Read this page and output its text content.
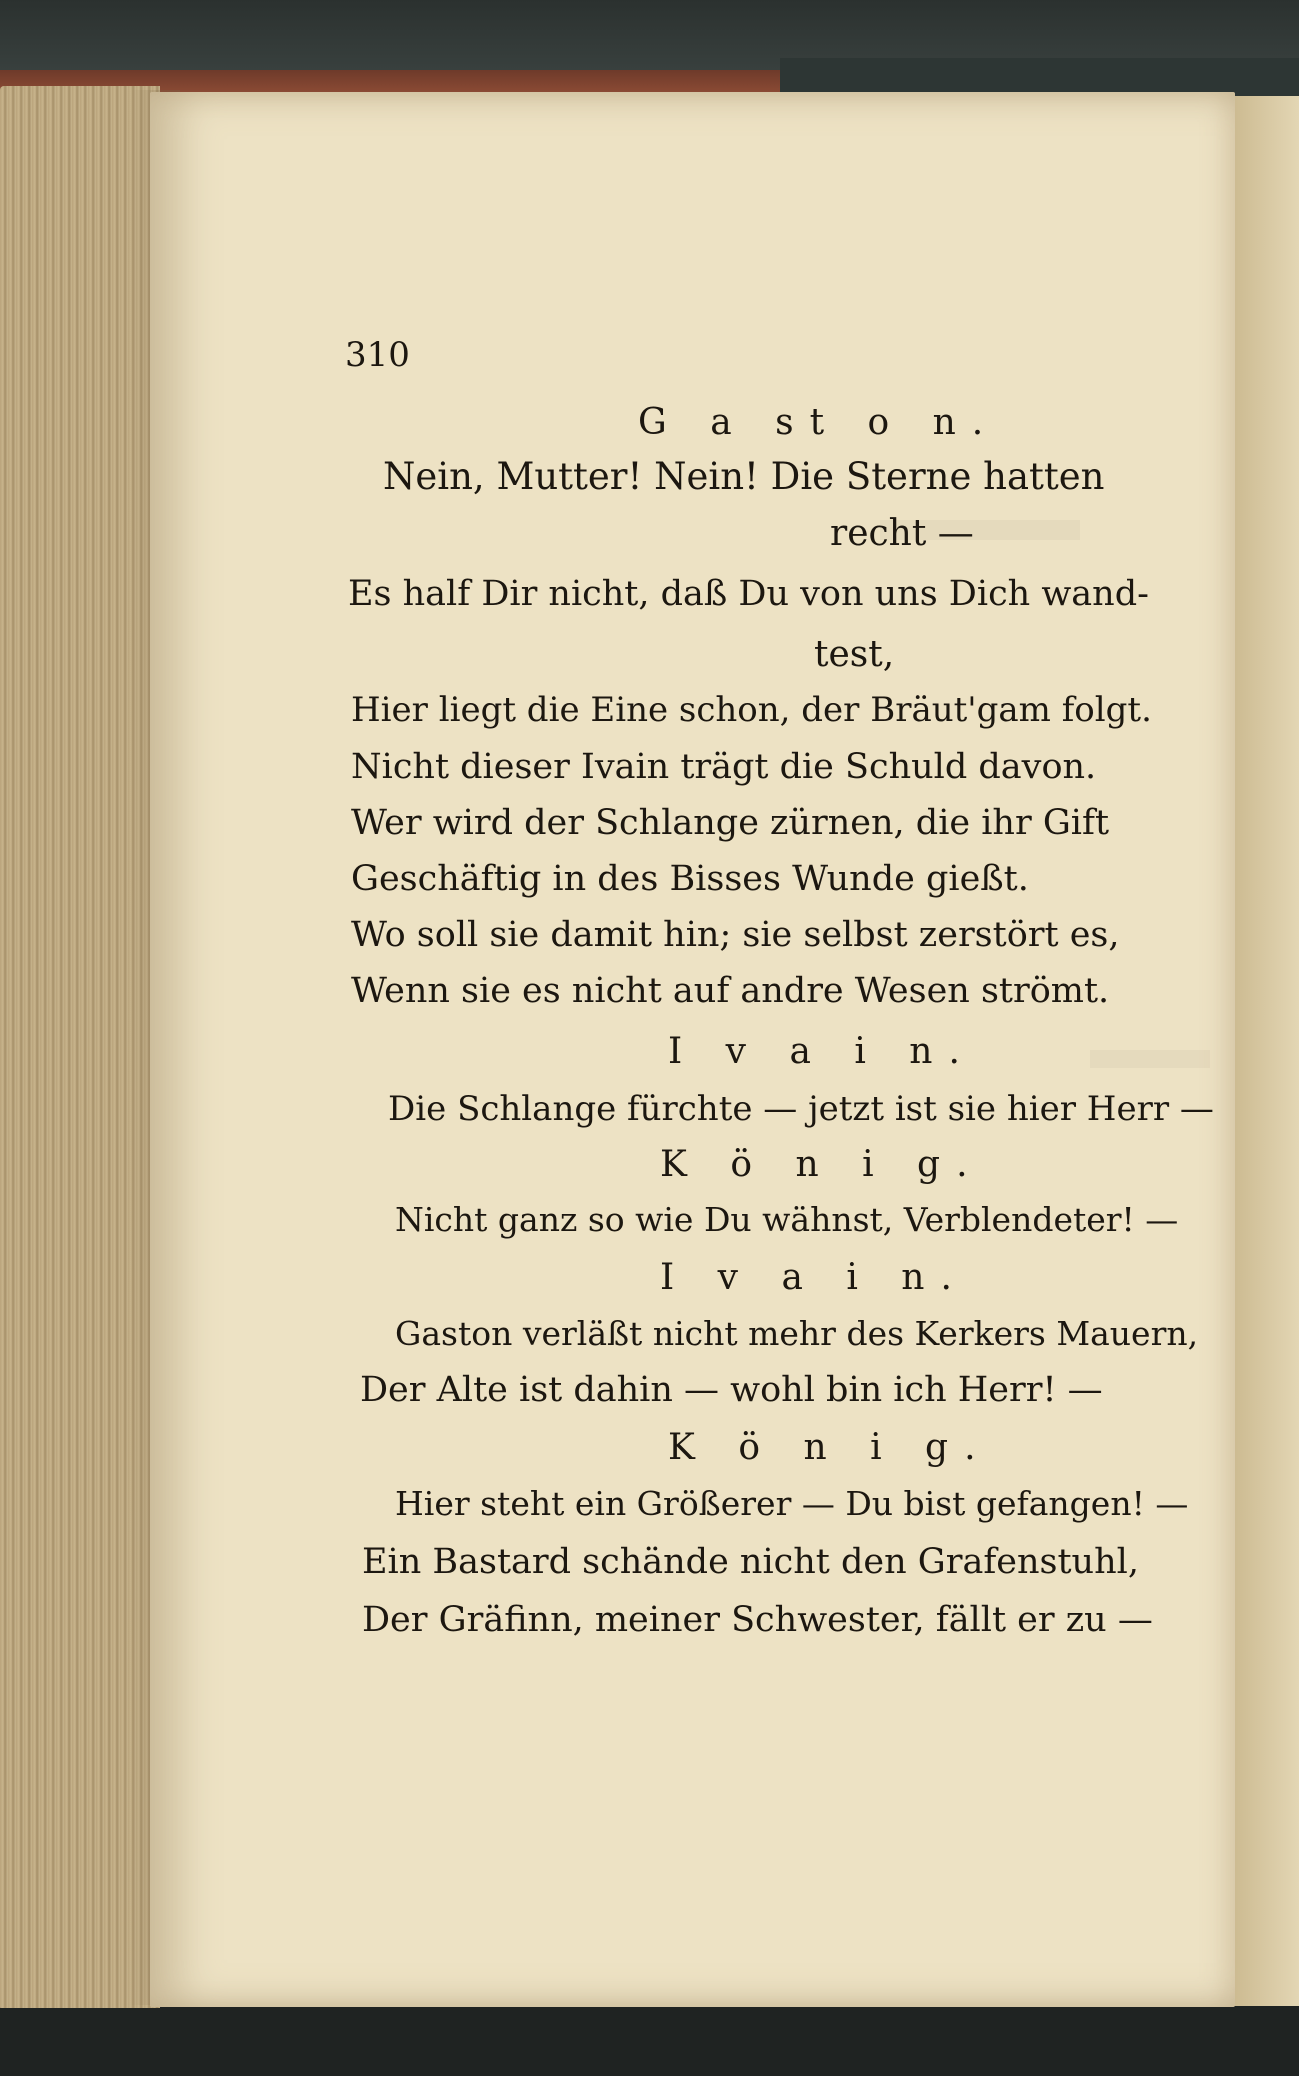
310
G a st o n.
Nein, Mutter! Nein! Die Sterne hatten
recht —
Es half Dir nicht, daß Du von uns Dich wand-
test,
Hier liegt die Eine schon, der Bräut'gam folgt.
Nicht dieser Ivain trägt die Schuld davon.
Wer wird der Schlange zürnen, die ihr Gift
Geschäftig in des Bisses Wunde gießt.
Wo soll sie damit hin; sie selbst zerstört es,
Wenn sie es nicht auf andre Wesen strömt.
I v a i n.
Die Schlange fürchte — jetzt ist sie hier Herr —
K ö n i g.
Nicht ganz so wie Du wähnst, Verblendeter! —
I v a i n.
Gaston verläßt nicht mehr des Kerkers Mauern,
Der Alte ist dahin — wohl bin ich Herr! —
K ö n i g.
Hier steht ein Größerer — Du bist gefangen! —
Ein Bastard schände nicht den Grafenstuhl,
Der Gräfinn, meiner Schwester, fällt er zu —
